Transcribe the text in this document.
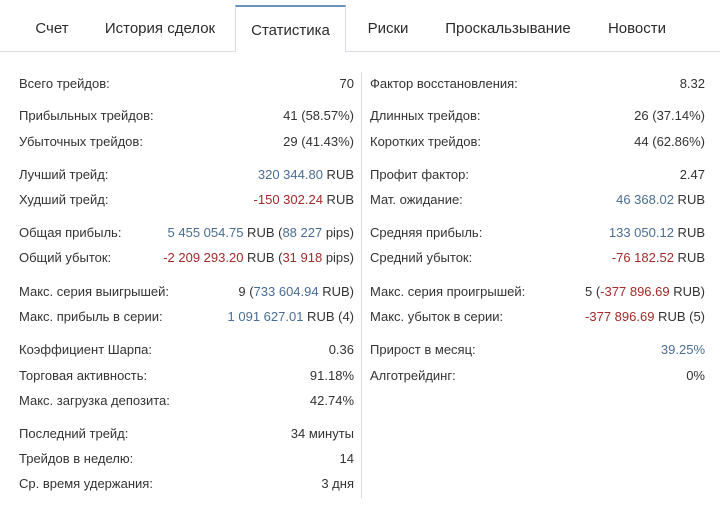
Счет	История сделок	Статистика	Риски	Проскальзывание	Новости
Всего трейдов:	70
Прибыльных трейдов:	41 (58.57%)
Убыточных трейдов:	29 (41.43%)
Лучший трейд:	320 344.80 RUB
Худший трейд:	-150 302.24 RUB
Общая прибыль:	5 455 054.75 RUB (88 227 pips)
Общий убыток:	-2 209 293.20 RUB (31 918 pips)
Макс. серия выигрышей:	9 (733 604.94 RUB)
Макс. прибыль в серии:	1 091 627.01 RUB (4)
Коэффициент Шарпа:	0.36
Торговая активность:	91.18%
Макс. загрузка депозита:	42.74%
Последний трейд:	34 минуты
Трейдов в неделю:	14
Ср. время удержания:	3 дня
Фактор восстановления:	8.32
Длинных трейдов:	26 (37.14%)
Коротких трейдов:	44 (62.86%)
Профит фактор:	2.47
Мат. ожидание:	46 368.02 RUB
Средняя прибыль:	133 050.12 RUB
Средний убыток:	-76 182.52 RUB
Макс. серия проигрышей:	5 (-377 896.69 RUB)
Макс. убыток в серии:	-377 896.69 RUB (5)
Прирост в месяц:	39.25%
Алготрейдинг:	0%
